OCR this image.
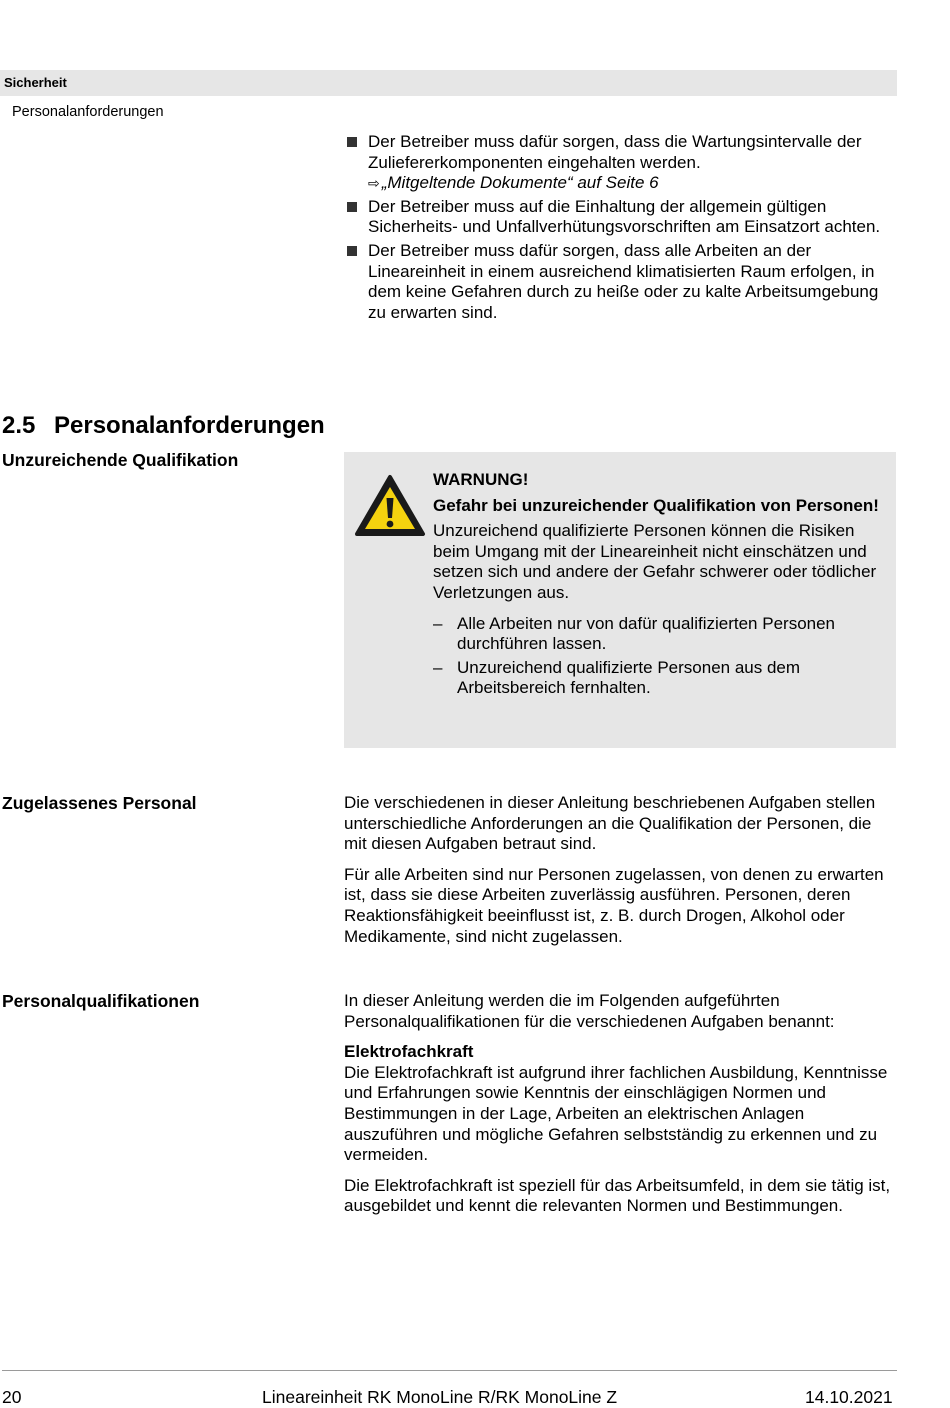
Sicherheit
Personalanforderungen
Der Betreiber muss dafür sorgen, dass die Wartungsintervalle der Zuliefererkomponenten eingehalten werden.
⇨ „Mitgeltende Dokumente“ auf Seite 6
Der Betreiber muss auf die Einhaltung der allgemein gültigen Sicherheits- und Unfallverhütungsvorschriften am Einsatzort achten.
Der Betreiber muss dafür sorgen, dass alle Arbeiten an der Lineareinheit in einem ausreichend klimatisierten Raum erfolgen, in dem keine Gefahren durch zu heiße oder zu kalte Arbeitsumgebung zu erwarten sind.
2.5 Personalanforderungen
Unzureichende Qualifikation
WARNUNG!
Gefahr bei unzureichender Qualifikation von Personen!
Unzureichend qualifizierte Personen können die Risiken beim Umgang mit der Lineareinheit nicht einschätzen und setzen sich und andere der Gefahr schwerer oder tödlicher Verletzungen aus.
– Alle Arbeiten nur von dafür qualifizierten Personen durchführen lassen.
– Unzureichend qualifizierte Personen aus dem Arbeitsbereich fernhalten.
Zugelassenes Personal	Die verschiedenen in dieser Anleitung beschriebenen Aufgaben stellen unterschiedliche Anforderungen an die Qualifikation der Personen, die mit diesen Aufgaben betraut sind.

Für alle Arbeiten sind nur Personen zugelassen, von denen zu erwarten ist, dass sie diese Arbeiten zuverlässig ausführen. Personen, deren Reaktionsfähigkeit beeinflusst ist, z. B. durch Drogen, Alkohol oder Medikamente, sind nicht zugelassen.

Personalqualifikationen	In dieser Anleitung werden die im Folgenden aufgeführten Personalqualifikationen für die verschiedenen Aufgaben benannt:

Elektrofachkraft

Die Elektrofachkraft ist aufgrund ihrer fachlichen Ausbildung, Kenntnisse und Erfahrungen sowie Kenntnis der einschlägigen Normen und Bestimmungen in der Lage, Arbeiten an elektrischen Anlagen auszuführen und mögliche Gefahren selbstständig zu erkennen und zu vermeiden.

Die Elektrofachkraft ist speziell für das Arbeitsumfeld, in dem sie tätig ist, ausgebildet und kennt die relevanten Normen und Bestimmungen.

20	Lineareinheit RK MonoLine R/RK MonoLine Z	14.10.2021
